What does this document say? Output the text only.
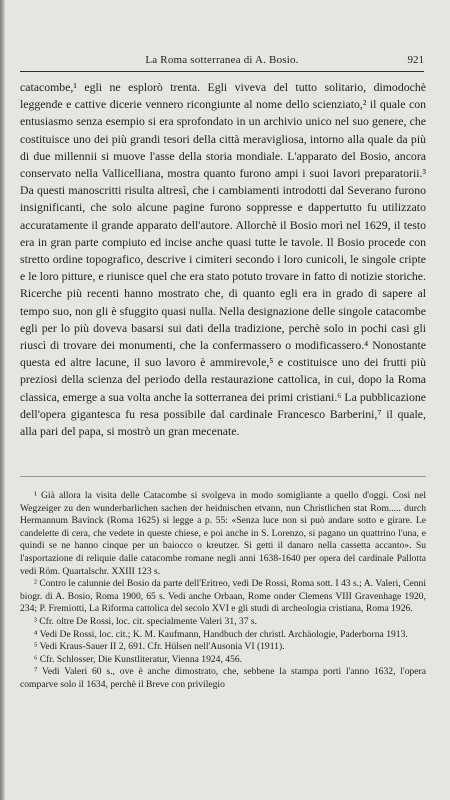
La Roma sotterranea di A. Bosio.	921

catacombe,¹ egli ne esplorò trenta. Egli viveva del tutto solitario, dimodochè leggende e cattive dicerie vennero ricongiunte al nome dello scienziato,² il quale con entusiasmo senza esempio si era sprofondato in un archivio unico nel suo genere, che costituisce uno dei più grandi tesori della città meravigliosa, intorno alla quale da più di due millennii si muove l'asse della storia mondiale. L'apparato del Bosio, ancora conservato nella Vallicelliana, mostra quanto furono ampi i suoi lavori preparatorii.³ Da questi manoscritti risulta altresì, che i cambiamenti introdotti dal Severano furono insignificanti, che solo alcune pagine furono soppresse e dappertutto fu utilizzato accuratamente il grande apparato dell'autore. Allorchè il Bosio morì nel 1629, il testo era in gran parte compiuto ed incise anche quasi tutte le tavole. Il Bosio procede con stretto ordine topografico, descrive i cimiteri secondo i loro cunicoli, le singole cripte e le loro pitture, e riunisce quel che era stato potuto trovare in fatto di notizie storiche. Ricerche più recenti hanno mostrato che, di quanto egli era in grado di sapere al tempo suo, non gli è sfuggito quasi nulla. Nella designazione delle singole catacombe egli per lo più doveva basarsi sui dati della tradizione, perchè solo in pochi casi gli riuscì di trovare dei monumenti, che la confermassero o modificassero.⁴ Nonostante questa ed altre lacune, il suo lavoro è ammirevole,⁵ e costituisce uno dei frutti più preziosi della scienza del periodo della restaurazione cattolica, in cui, dopo la Roma classica, emerge a sua volta anche la sotterranea dei primi cristiani.⁶ La pubblicazione dell'opera gigantesca fu resa possibile dal cardinale Francesco Barberini,⁷ il quale, alla pari del papa, si mostrò un gran mecenate.

¹ Già allora la visita delle Catacombe si svolgeva in modo somigliante a quello d'oggi. Così nel Wegzeiger zu den wunderbarlichen sachen der heidnischen etvann, nun Christlichen stat Rom..... durch Hermannum Bavinck (Roma 1625) si legge a p. 55: «Senza luce non si può andare sotto e girare. Le candelette di cera, che vedete in queste chiese, e poi anche in S. Lorenzo, si pagano un quattrino l'una, e quindi se ne hanno cinque per un baiocco o kreutzer. Si getti il danaro nella cassetta accanto». Su l'asportazione di reliquie dalle catacombe romane negli anni 1638-1640 per opera del cardinale Pallotta vedi Röm. Quartalschr. XXIII 123 s.

² Contro le calunnie del Bosio da parte dell'Eritreo, vedi De Rossi, Roma sott. I 43 s.; A. Valeri, Cenni biogr. di A. Bosio, Roma 1900, 65 s. Vedi anche Orbaan, Rome onder Clemens VIII Gravenhage 1920, 234; P. Fremiotti, La Riforma cattolica del secolo XVI e gli studi di archeologia cristiana, Roma 1926.

³ Cfr. oltre De Rossi, loc. cit. specialmente Valeri 31, 37 s.

⁴ Vedi De Rossi, loc. cit.; K. M. Kaufmann, Handbuch der christl. Archäologie, Paderborna 1913.

⁵ Vedi Kraus-Sauer II 2, 691. Cfr. Hülsen nell'Ausonia VI (1911).

⁶ Cfr. Schlosser, Die Kunstliteratur, Vienna 1924, 456.

⁷ Vedi Valeri 60 s., ove è anche dimostrato, che, sebbene la stampa porti l'anno 1632, l'opera comparve solo il 1634, perchè il Breve con privilegio
